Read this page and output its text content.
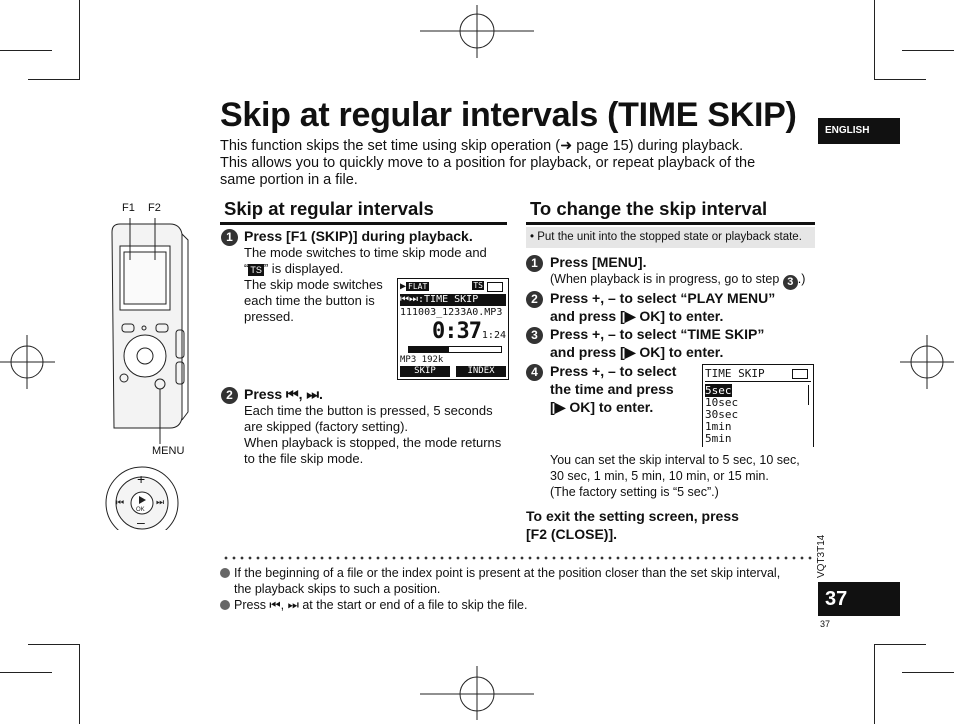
ENGLISH
Skip at regular intervals (TIME SKIP)

This function skips the set time using skip operation (➜ page 15) during playback.

This allows you to quickly move to a position for playback, or repeat playback of the

same portion in a file.

F1 F2
OK
⏮	⏭
+
–
MENU
Skip at regular intervals
1 Press [F1 (SKIP)] during playback.
The mode switches to time skip mode and
“ TS ” is displayed.
The skip mode switches
each time the button is
pressed.
▶ FLAT	TS
⏮⏭:TIME SKIP
111003_1233A0.MP3
0:37 1:24
MP3 192k
SKIP	INDEX
2 Press ⏮, ⏭.
Each time the button is pressed, 5 seconds
are skipped (factory setting).
When playback is stopped, the mode returns
to the file skip mode.
To change the skip interval
• Put the unit into the stopped state or playback state.
1 Press [MENU].
(When playback is in progress, go to step 3 .)
2 Press +, – to select “PLAY MENU”
and press [▶ OK] to enter.
3 Press +, – to select “TIME SKIP”
and press [▶ OK] to enter.
4 Press +, – to select
the time and press
[▶ OK] to enter.
TIME SKIP
5sec
10sec
30sec
1min
5min
You can set the skip interval to 5 sec, 10 sec,
30 sec, 1 min, 5 min, 10 min, or 15 min.
(The factory setting is “5 sec”.)
To exit the setting screen, press
[F2 (CLOSE)].
If the beginning of a file or the index point is present at the position closer than the set skip interval,
the playback skips to such a position.
Press ⏮, ⏭ at the start or end of a file to skip the file.
VQT3T14
37
37
